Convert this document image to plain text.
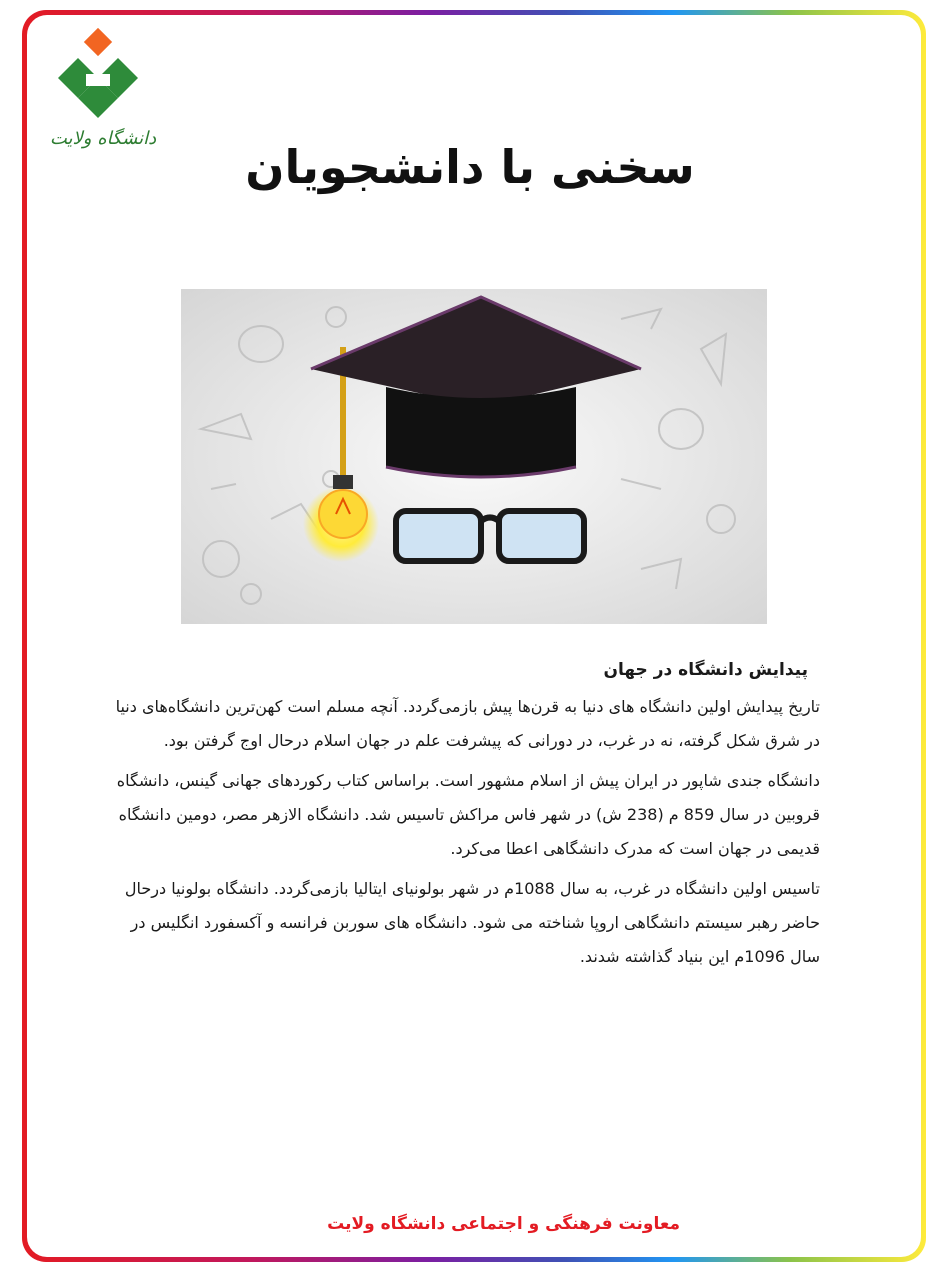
دانشگاه ولایت
سخنی با دانشجویان
پیدایش دانشگاه در جهان

تاریخ پیدایش اولین دانشگاه های دنیا به قرن‌ها پیش بازمی‌گردد. آنچه مسلم است کهن‌ترین دانشگاه‌های دنیا در شرق شکل گرفته، نه در غرب، در دورانی که پیشرفت علم در جهان اسلام درحال اوج گرفتن بود.

دانشگاه جندی شاپور در ایران پیش از اسلام مشهور است. براساس کتاب رکوردهای جهانی گینس، دانشگاه قروبین در سال 859 م (238 ش) در شهر فاس مراکش تاسیس شد. دانشگاه الازهر مصر، دومین دانشگاه قدیمی در جهان است که مدرک دانشگاهی اعطا می‌کرد.

تاسیس اولین دانشگاه در غرب، به سال 1088م در شهر بولونیای ایتالیا بازمی‌گردد. دانشگاه بولونیا درحال حاضر رهبر سیستم دانشگاهی اروپا شناخته می شود. دانشگاه های سوربن فرانسه و آکسفورد انگلیس در سال 1096م این بنیاد گذاشته شدند.

معاونت فرهنگی و اجتماعی دانشگاه ولایت
